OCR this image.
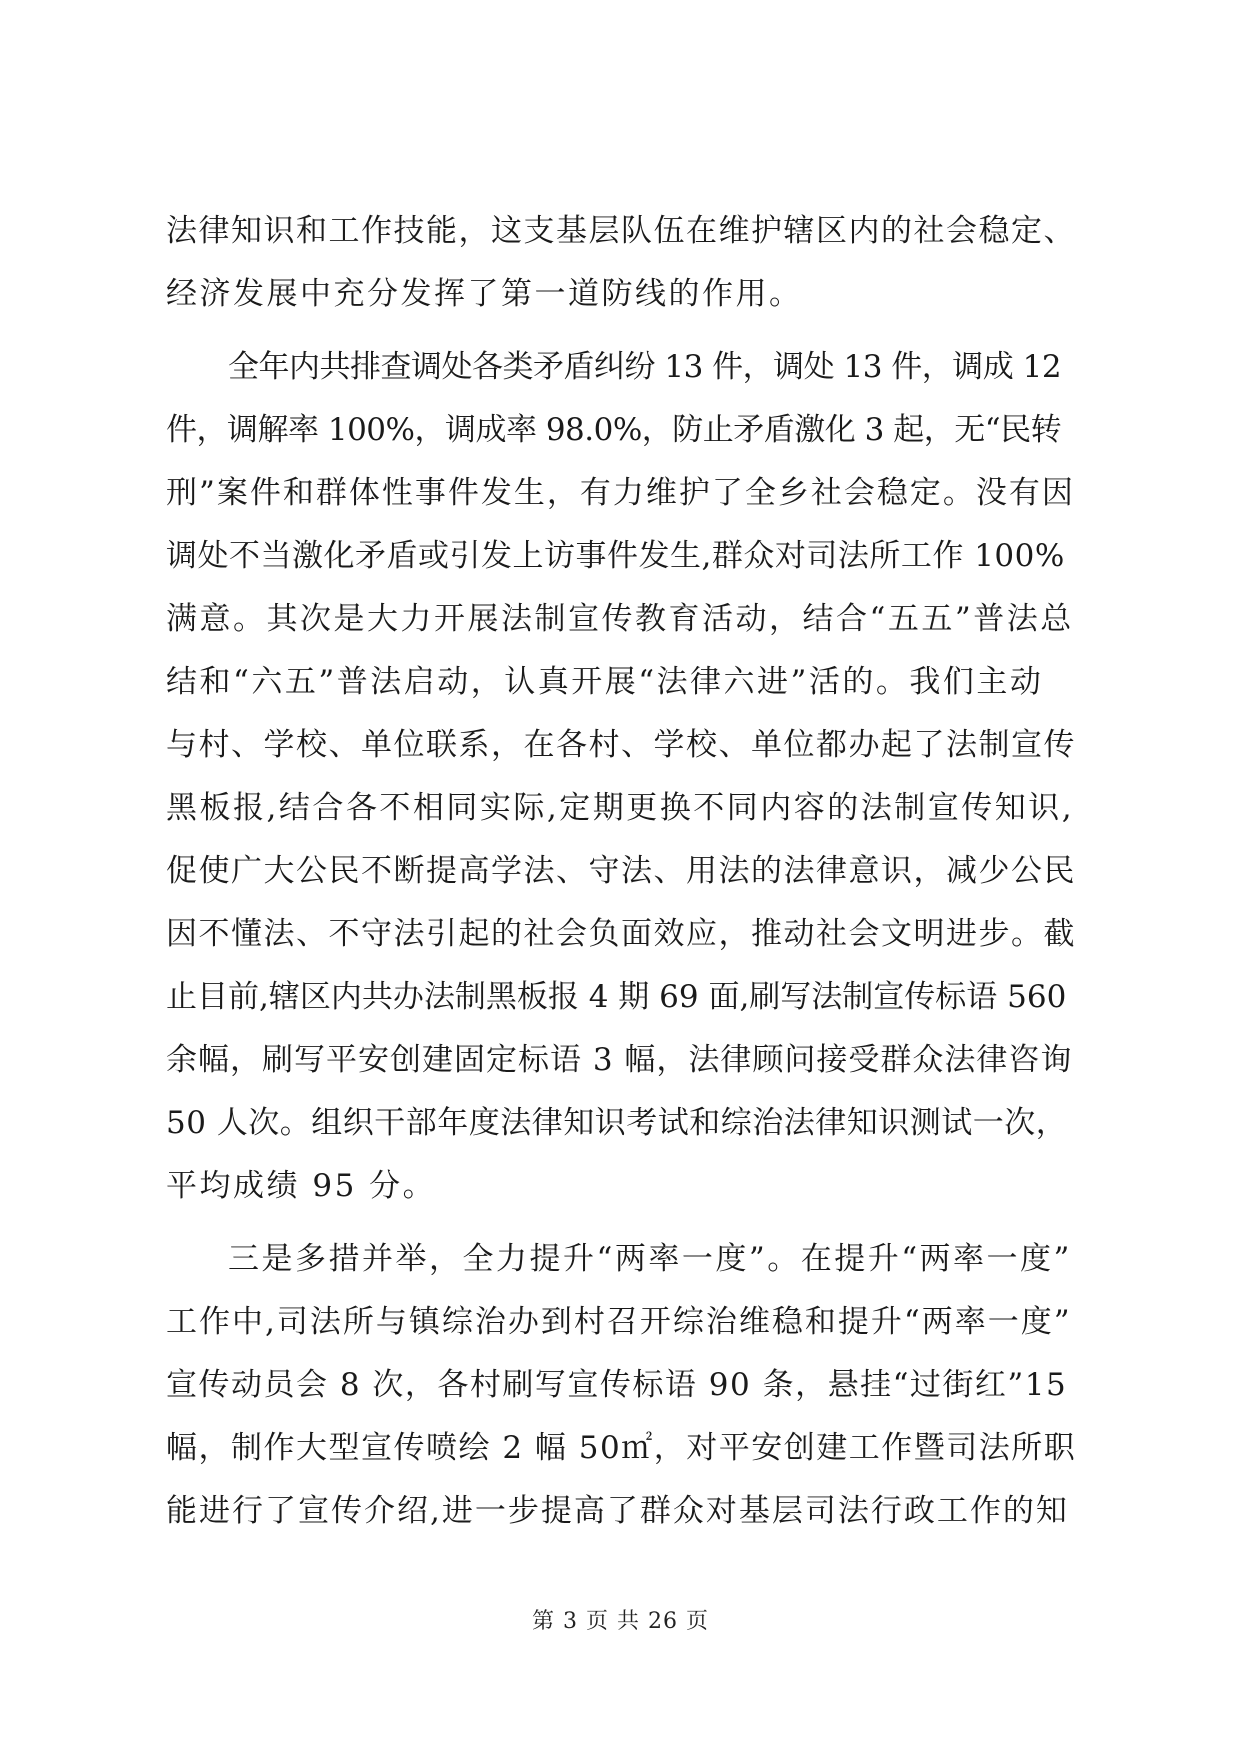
法律知识和工作技能，这支基层队伍在维护辖区内的社会稳定、
经济发展中充分发挥了第一道防线的作用。
全年内共排查调处各类矛盾纠纷 13 件，调处 13 件，调成 12
件，调解率 100%，调成率 98.0%，防止矛盾激化 3 起，无“民转
刑”案件和群体性事件发生，有力维护了全乡社会稳定。没有因
调处不当激化矛盾或引发上访事件发生,群众对司法所工作 100%
满意。其次是大力开展法制宣传教育活动，结合“五五”普法总
结和“六五”普法启动，认真开展“法律六进”活的。我们主动
与村、学校、单位联系，在各村、学校、单位都办起了法制宣传
黑板报,结合各不相同实际,定期更换不同内容的法制宣传知识,
促使广大公民不断提高学法、守法、用法的法律意识，减少公民
因不懂法、不守法引起的社会负面效应，推动社会文明进步。截
止目前,辖区内共办法制黑板报 4 期 69 面,刷写法制宣传标语 560
余幅，刷写平安创建固定标语 3 幅，法律顾问接受群众法律咨询
50 人次。组织干部年度法律知识考试和综治法律知识测试一次，
平均成绩 95 分。
三是多措并举，全力提升“两率一度”。在提升“两率一度”
工作中,司法所与镇综治办到村召开综治维稳和提升“两率一度”
宣传动员会 8 次，各村刷写宣传标语 90 条，悬挂“过街红”15
幅，制作大型宣传喷绘 2 幅 50㎡，对平安创建工作暨司法所职
能进行了宣传介绍,进一步提高了群众对基层司法行政工作的知
第 3 页 共 26 页
